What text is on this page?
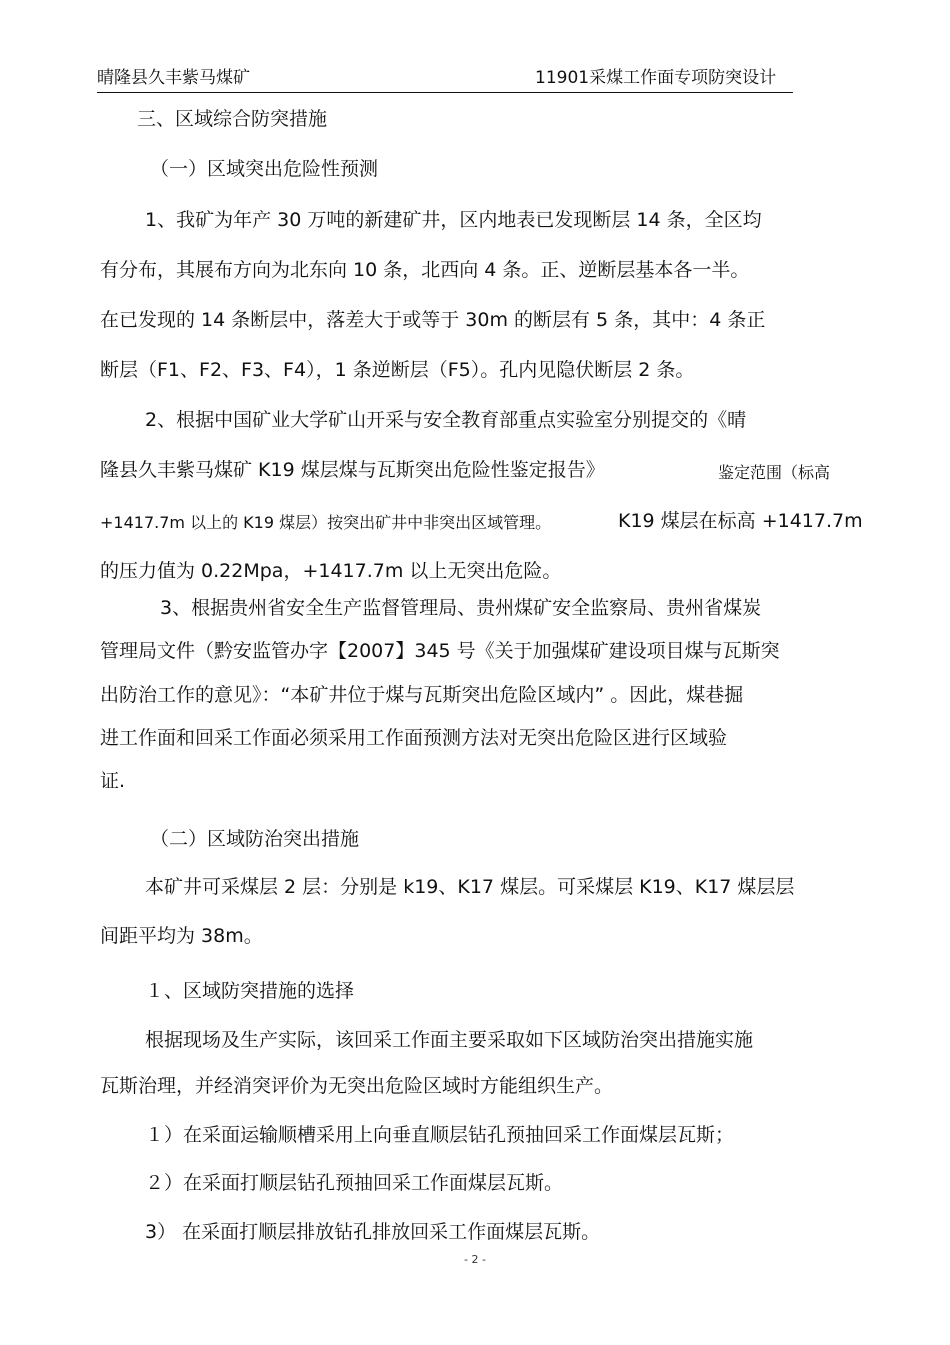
晴隆县久丰紫马煤矿	11901采煤工作面专项防突设计
三、区域综合防突措施
（一）区域突出危险性预测
1、我矿为年产 30 万吨的新建矿井，区内地表已发现断层 14 条，全区均
有分布，其展布方向为北东向 10 条，北西向 4 条。正、逆断层基本各一半。
在已发现的 14 条断层中，落差大于或等于 30m 的断层有 5 条，其中：4 条正
断层（F1、F2、F3、F4），1 条逆断层（F5）。孔内见隐伏断层 2 条。
2、根据中国矿业大学矿山开采与安全教育部重点实验室分别提交的《晴
隆县久丰紫马煤矿 K19 煤层煤与瓦斯突出危险性鉴定报告》	鉴定范围（标高
+1417.7m 以上的 K19 煤层）按突出矿井中非突出区域管理。	K19 煤层在标高 +1417.7m
的压力值为 0.22Mpa，+1417.7m 以上无突出危险。
3、根据贵州省安全生产监督管理局、贵州煤矿安全监察局、贵州省煤炭
管理局文件（黔安监管办字【2007】345 号《关于加强煤矿建设项目煤与瓦斯突
出防治工作的意见》：“本矿井位于煤与瓦斯突出危险区域内” 。因此，煤巷掘
进工作面和回采工作面必须采用工作面预测方法对无突出危险区进行区域验
证.
（二）区域防治突出措施
本矿井可采煤层 2 层：分别是 k19、K17 煤层。可采煤层 K19、K17 煤层层
间距平均为 38m。
１、区域防突措施的选择
根据现场及生产实际，该回采工作面主要采取如下区域防治突出措施实施
瓦斯治理，并经消突评价为无突出危险区域时方能组织生产。
１）在采面运输顺槽采用上向垂直顺层钻孔预抽回采工作面煤层瓦斯；
２）在采面打顺层钻孔预抽回采工作面煤层瓦斯。
3） 在采面打顺层排放钻孔排放回采工作面煤层瓦斯。
- 2 -
